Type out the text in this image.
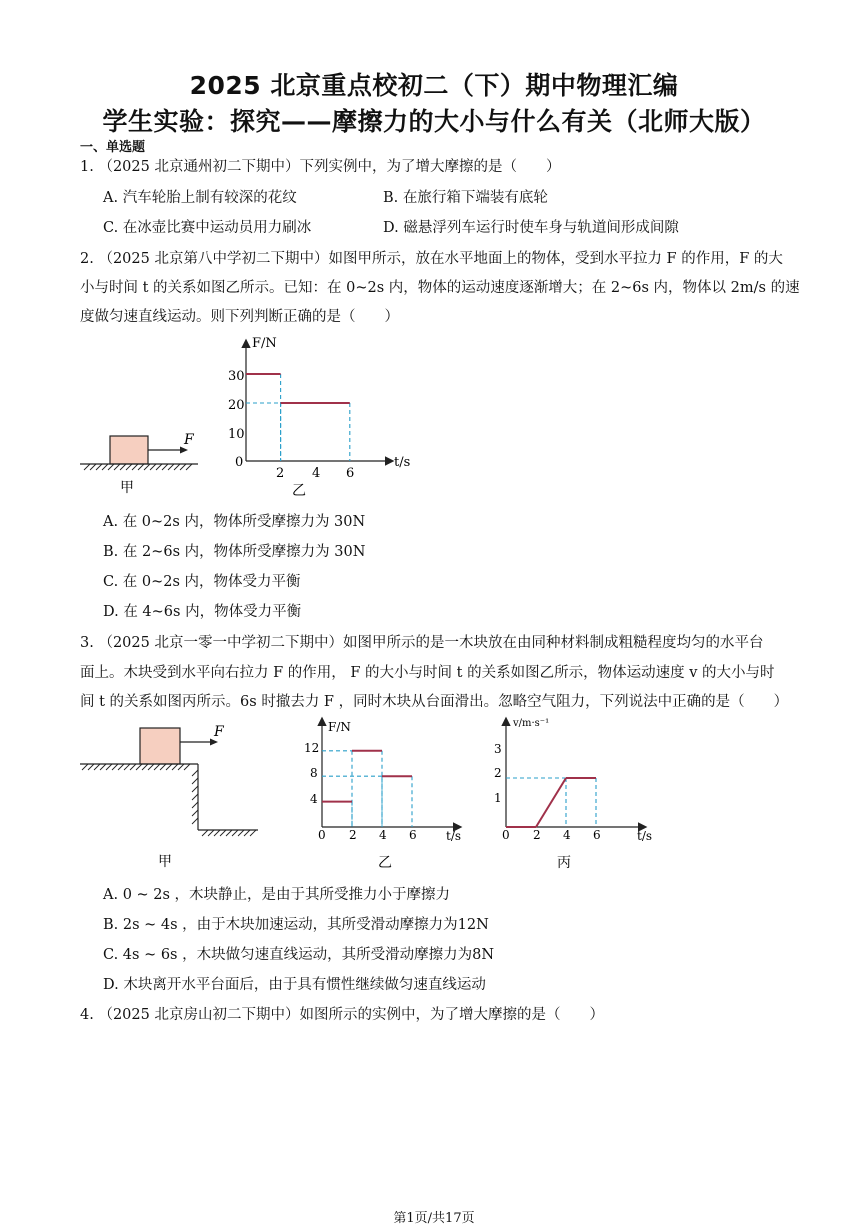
2025 北京重点校初二（下）期中物理汇编
学生实验：探究——摩擦力的大小与什么有关（北师大版）
一、单选题
1. （2025 北京通州初二下期中）下列实例中，为了增大摩擦的是（　　）
A. 汽车轮胎上制有较深的花纹	B. 在旅行箱下端装有底轮
C. 在冰壶比赛中运动员用力刷冰	D. 磁悬浮列车运行时使车身与轨道间形成间隙
2. （2025 北京第八中学初二下期中）如图甲所示，放在水平地面上的物体，受到水平拉力 F 的作用，F 的大
小与时间 t 的关系如图乙所示。已知：在 0~2s 内，物体的运动速度逐渐增大；在 2~6s 内，物体以 2m/s 的速
度做匀速直线运动。则下列判断正确的是（　　）
F
甲
F/N
t/s
30
20
10
0
2 4 6
乙
A. 在 0~2s 内，物体所受摩擦力为 30N
B. 在 2~6s 内，物体所受摩擦力为 30N
C. 在 0~2s 内，物体受力平衡
D. 在 4~6s 内，物体受力平衡
3. （2025 北京一零一中学初二下期中）如图甲所示的是一木块放在由同种材料制成粗糙程度均匀的水平台
面上。木块受到水平向右拉力 F 的作用， F 的大小与时间 t 的关系如图乙所示，物体运动速度 v 的大小与时
间 t 的关系如图丙所示。6s 时撤去力 F ，同时木块从台面滑出。忽略空气阻力，下列说法中正确的是（　　）
F
甲
F/N
t/s
12
8
4
0 2 4 6
乙
v/m·s⁻¹
t/s
3
2
1
0 2 4 6
丙
A. 0 ~ 2s ，木块静止，是由于其所受推力小于摩擦力
B. 2s ~ 4s ，由于木块加速运动，其所受滑动摩擦力为12N
C. 4s ~ 6s ，木块做匀速直线运动，其所受滑动摩擦力为8N
D. 木块离开水平台面后，由于具有惯性继续做匀速直线运动
4. （2025 北京房山初二下期中）如图所示的实例中，为了增大摩擦的是（　　）
第1页/共17页
